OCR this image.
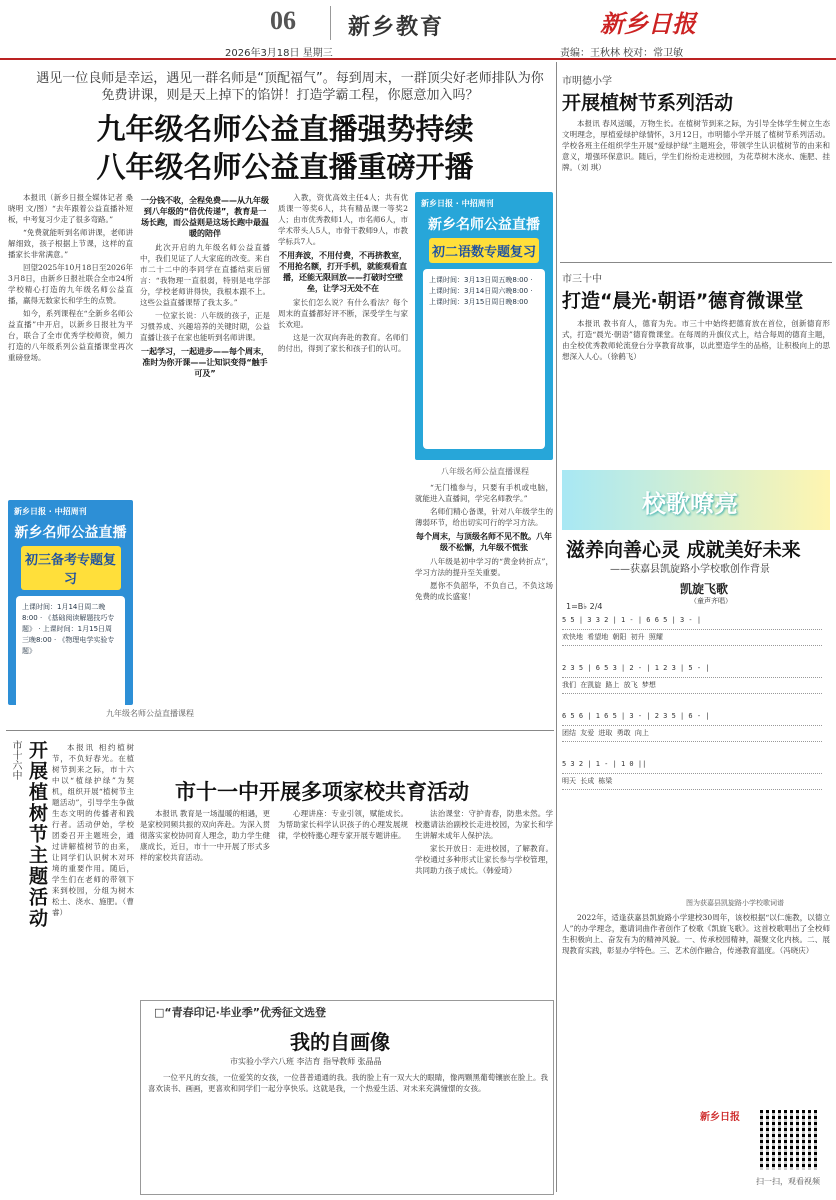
06 新乡教育
2026年3月18日 星期三
新乡日报
责编：王秋林 校对：常卫敏
遇见一位良师是幸运，遇见一群名师是“顶配福气”。每到周末，一群顶尖好老师排队为你免费讲课，则是天上掉下的馅饼！打造学霸工程，你愿意加入吗？
九年级名师公益直播强势持续
八年级名师公益直播重磅开播

本报讯（新乡日报全媒体记者 桑晓明 文/图）“去年跟着公益直播补短板，中考复习少走了很多弯路。”

“免费就能听到名师讲课，老师讲解细致，孩子根据上节课，这样的直播家长非常满意。”

回望2025年10月18日至2026年3月8日，由新乡日报社联合全市24所学校精心打造的九年级名师公益直播，赢得无数家长和学生的点赞。

如今，系列课程在“全新乡名师公益直播”中开启，以新乡日报社为平台，联合了全市优秀学校师资，倾力打造的八年级系列公益直播课堂再次重磅登场。

新乡日报 · 中招周刊
新乡名师公益直播
初三备考专题复习
上课时间：1月14日周二晚8:00 · 《基础阅读解题技巧专题》 · 上课时间：1月15日周三晚8:00 · 《物理电学实验专题》
九年级名师公益直播课程

一分钱不收，全程免费——从九年级到八年级的“倍优传递”，教育是一场长跑，而公益则是这场长跑中最温暖的陪伴

此次开启的九年级名师公益直播中，我们见证了人大家庭的改变。来自市二十二中的李同学在直播结束后留言：“我物理一直很弱，特别是电学部分，学校老师讲得快，我根本跟不上。这些公益直播课帮了我太多。”

一位家长说：八年级的孩子，正是习惯养成、兴趣培养的关键时期，公益直播让孩子在家也能听到名师讲课。

一起学习，一起进步——每个周末，准时为你开课——让知识变得“触手可及”

入教，资优高效主任4人；共有优质课一等奖6人，共有精品课一等奖2人；由市优秀教师1人，市名师6人，市学术带头人5人，市骨干教师9人，市教学标兵7人。

不用奔波，不用付费，不再挤教室，不用抢名额，打开手机，就能观看直播，还能无限回放——打破时空壁垒，让学习无处不在

家长们怎么说？有什么看法？每个周末的直播都好评不断，深受学生与家长欢迎。

这是一次双向奔赴的教育。名师们的付出，得到了家长和孩子们的认可。

新乡日报 · 中招周刊
新乡名师公益直播
初二语数专题复习
上课时间：3月13日周五晚8:00 · 上课时间：3月14日周六晚8:00 · 上课时间：3月15日周日晚8:00
八年级名师公益直播课程

“无门槛参与，只要有手机或电脑，就能进入直播间，学完名师教学。”

名师们精心备课，针对八年级学生的薄弱环节，给出切实可行的学习方法。

每个周末，与顶级名师不见不散。八年级不松懈，九年级不慌张

八年级是初中学习的“黄金转折点”，学习方法的提升至关重要。

愿你不负韶华，不负自己，不负这场免费的成长盛宴！

市十六中 开展植树节主题活动	本报讯 相约植树节，不负好春光。在植树节到来之际，市十六中以“植绿护绿”为契机，组织开展“植树节主题活动”，引导学生争做生态文明的传播者和践行者。活动伊始，学校团委召开主题班会，通过讲解植树节的由来，让同学们认识树木对环境的重要作用。随后，学生们在老师的带领下来到校园，分组为树木松土、浇水、施肥。（曹睿）

市十一中开展多项家校共育活动

本报讯 教育是一场温暖的相遇，更是家校同频共振的双向奔赴。为深入贯彻落实家校协同育人理念，助力学生健康成长，近日，市十一中开展了形式多样的家校共育活动。

心理讲座：专业引领，赋能成长。为帮助家长科学认识孩子的心理发展规律，学校特邀心理专家开展专题讲座。

法治课堂：守护青春，防患未然。学校邀请法治副校长走进校园，为家长和学生讲解未成年人保护法。

家长开放日：走进校园，了解教育。学校通过多种形式让家长参与学校管理，共同助力孩子成长。（韩爱琦）

□“青春印记·毕业季”优秀征文选登
我的自画像
市实验小学六八班 李洁育 指导教师 张晶晶

一位平凡的女孩，一位爱笑的女孩，一位普普通通的我。我的脸上有一双大大的眼睛，像两颗黑葡萄镶嵌在脸上。我喜欢读书、画画，更喜欢和同学们一起分享快乐。这就是我，一个热爱生活、对未来充满憧憬的女孩。

市明德小学
开展植树节系列活动

本报讯 春风送暖，万物生长。在植树节到来之际，为引导全体学生树立生态文明理念，厚植爱绿护绿情怀，3月12日，市明德小学开展了植树节系列活动。学校各班主任组织学生开展“爱绿护绿”主题班会，带领学生认识植树节的由来和意义，增强环保意识。随后，学生们纷纷走进校园，为花草树木浇水、施肥、挂牌。（刘 琪）

市三十中
打造“晨光·朝语”德育微课堂

本报讯 教书育人，德育为先。市三十中始终把德育放在首位，创新德育形式，打造“晨光·朝语”德育微课堂。在每周的升旗仪式上，结合每周的德育主题，由全校优秀教师轮流登台分享教育故事，以此塑造学生的品格，让积极向上的思想深入人心。（徐鹤飞）

校歌嘹亮
滋养向善心灵 成就美好未来
——获嘉县凯旋路小学校歌创作背景
凯旋飞歌
（童声齐唱）
1=B♭ 2/4
5 5 | 3 3 2 | 1 - | 6 6 5 | 3 - |
欢快地 希望地 朝阳 初升 照耀
2 3 5 | 6 5 3 | 2 - | 1 2 3 | 5 - |
我们 在凯旋 路上 放飞 梦想
6 5 6 | 1 6 5 | 3 - | 2 3 5 | 6 - |
团结 友爱 进取 勇敢 向上
5 3 2 | 1 - | 1 0 ||
明天 长成 栋梁
图为获嘉县凯旋路小学校歌词谱

2022年，适逢获嘉县凯旋路小学建校30周年，该校根据“以仁施教，以德立人”的办学理念，邀请词曲作者创作了校歌《凯旋飞歌》。这首校歌唱出了全校师生积极向上、奋发有为的精神风貌。一、传承校园精神，凝聚文化内核。二、展现教育实践，彰显办学特色。三、艺术创作融合，传递教育温度。（冯晓庆）

新乡日报
扫一扫，观看视频
